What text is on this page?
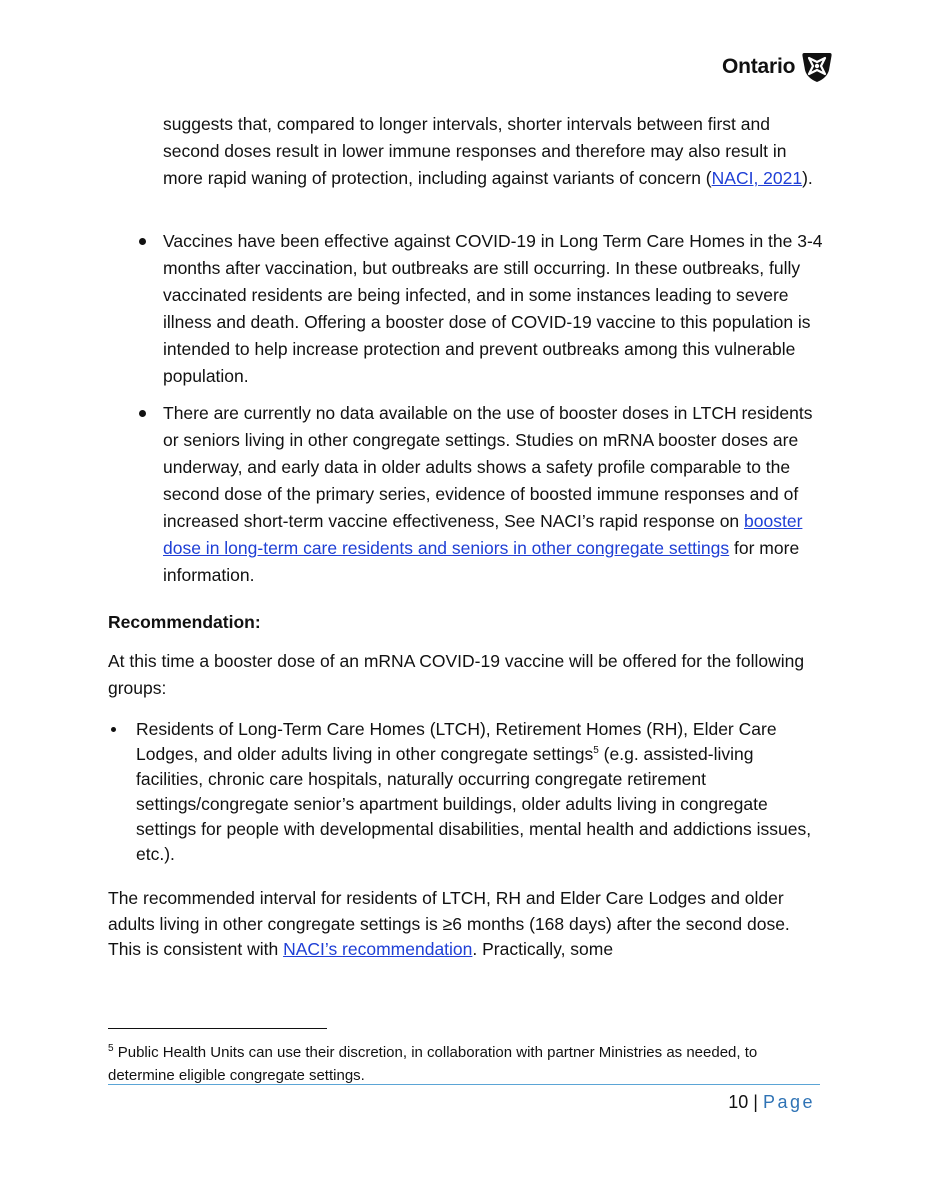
Ontario

suggests that, compared to longer intervals, shorter intervals between first and second doses result in lower immune responses and therefore may also result in more rapid waning of protection, including against variants of concern (NACI, 2021).

Vaccines have been effective against COVID-19 in Long Term Care Homes in the 3-4 months after vaccination, but outbreaks are still occurring. In these outbreaks, fully vaccinated residents are being infected, and in some instances leading to severe illness and death. Offering a booster dose of COVID-19 vaccine to this population is intended to help increase protection and prevent outbreaks among this vulnerable population.
There are currently no data available on the use of booster doses in LTCH residents or seniors living in other congregate settings. Studies on mRNA booster doses are underway, and early data in older adults shows a safety profile comparable to the second dose of the primary series, evidence of boosted immune responses and of increased short-term vaccine effectiveness, See NACI’s rapid response on booster dose in long-term care residents and seniors in other congregate settings for more information.
Recommendation:

At this time a booster dose of an mRNA COVID-19 vaccine will be offered for the following groups:

Residents of Long-Term Care Homes (LTCH), Retirement Homes (RH), Elder Care Lodges, and older adults living in other congregate settings$^5$ (e.g. assisted-living facilities, chronic care hospitals, naturally occurring congregate retirement settings/congregate senior’s apartment buildings, older adults living in congregate settings for people with developmental disabilities, mental health and addictions issues, etc.).

The recommended interval for residents of LTCH, RH and Elder Care Lodges and older adults living in other congregate settings is ≥6 months (168 days) after the second dose. This is consistent with NACI’s recommendation. Practically, some

$^5$ Public Health Units can use their discretion, in collaboration with partner Ministries as needed, to determine eligible congregate settings.

10 | Page
